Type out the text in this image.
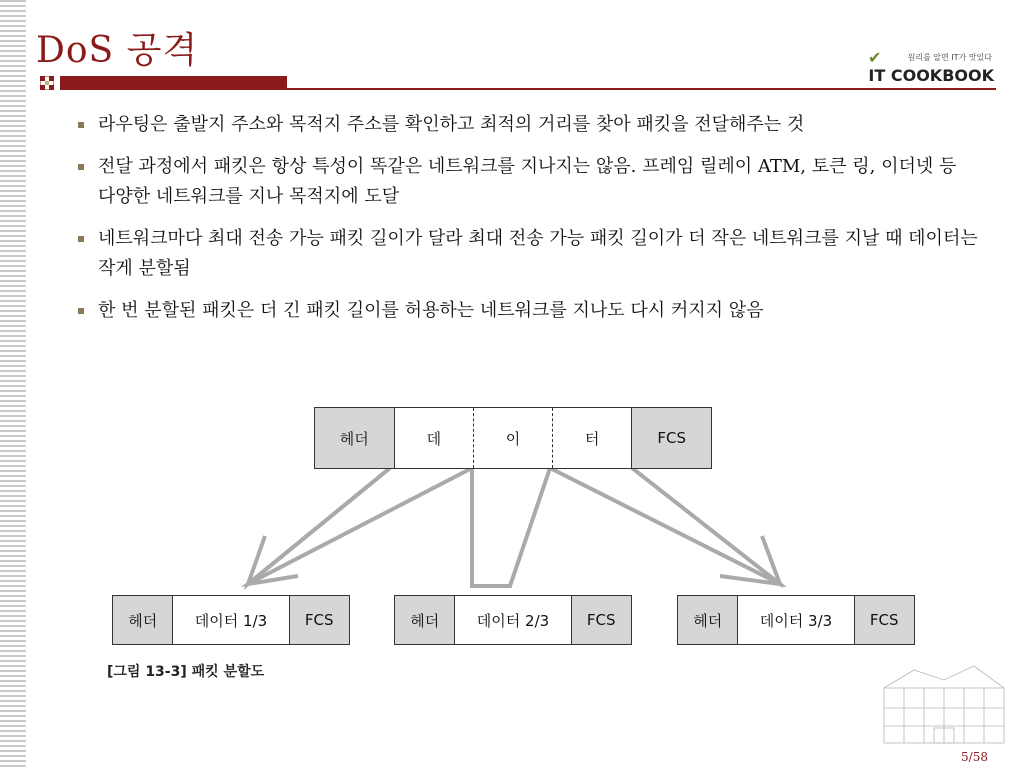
DoS 공격	✔	원리를 알면 IT가 맛있다
IT COOKBOOK
라우팅은 출발지 주소와 목적지 주소를 확인하고 최적의 거리를 찾아 패킷을 전달해주는 것
전달 과정에서 패킷은 항상 특성이 똑같은 네트워크를 지나지는 않음. 프레임 릴레이 ATM, 토큰 링, 이더넷 등 다양한 네트워크를 지나 목적지에 도달
네트워크마다 최대 전송 가능 패킷 길이가 달라 최대 전송 가능 패킷 길이가 더 작은 네트워크를 지날 때 데이터는 작게 분할됨
한 번 분할된 패킷은 더 긴 패킷 길이를 허용하는 네트워크를 지나도 다시 커지지 않음
헤더	데	이	터	FCS
헤더	데이터 1/3	FCS	헤더	데이터 2/3	FCS	헤더	데이터 3/3	FCS
[그림 13-3] 패킷 분할도
5/58
